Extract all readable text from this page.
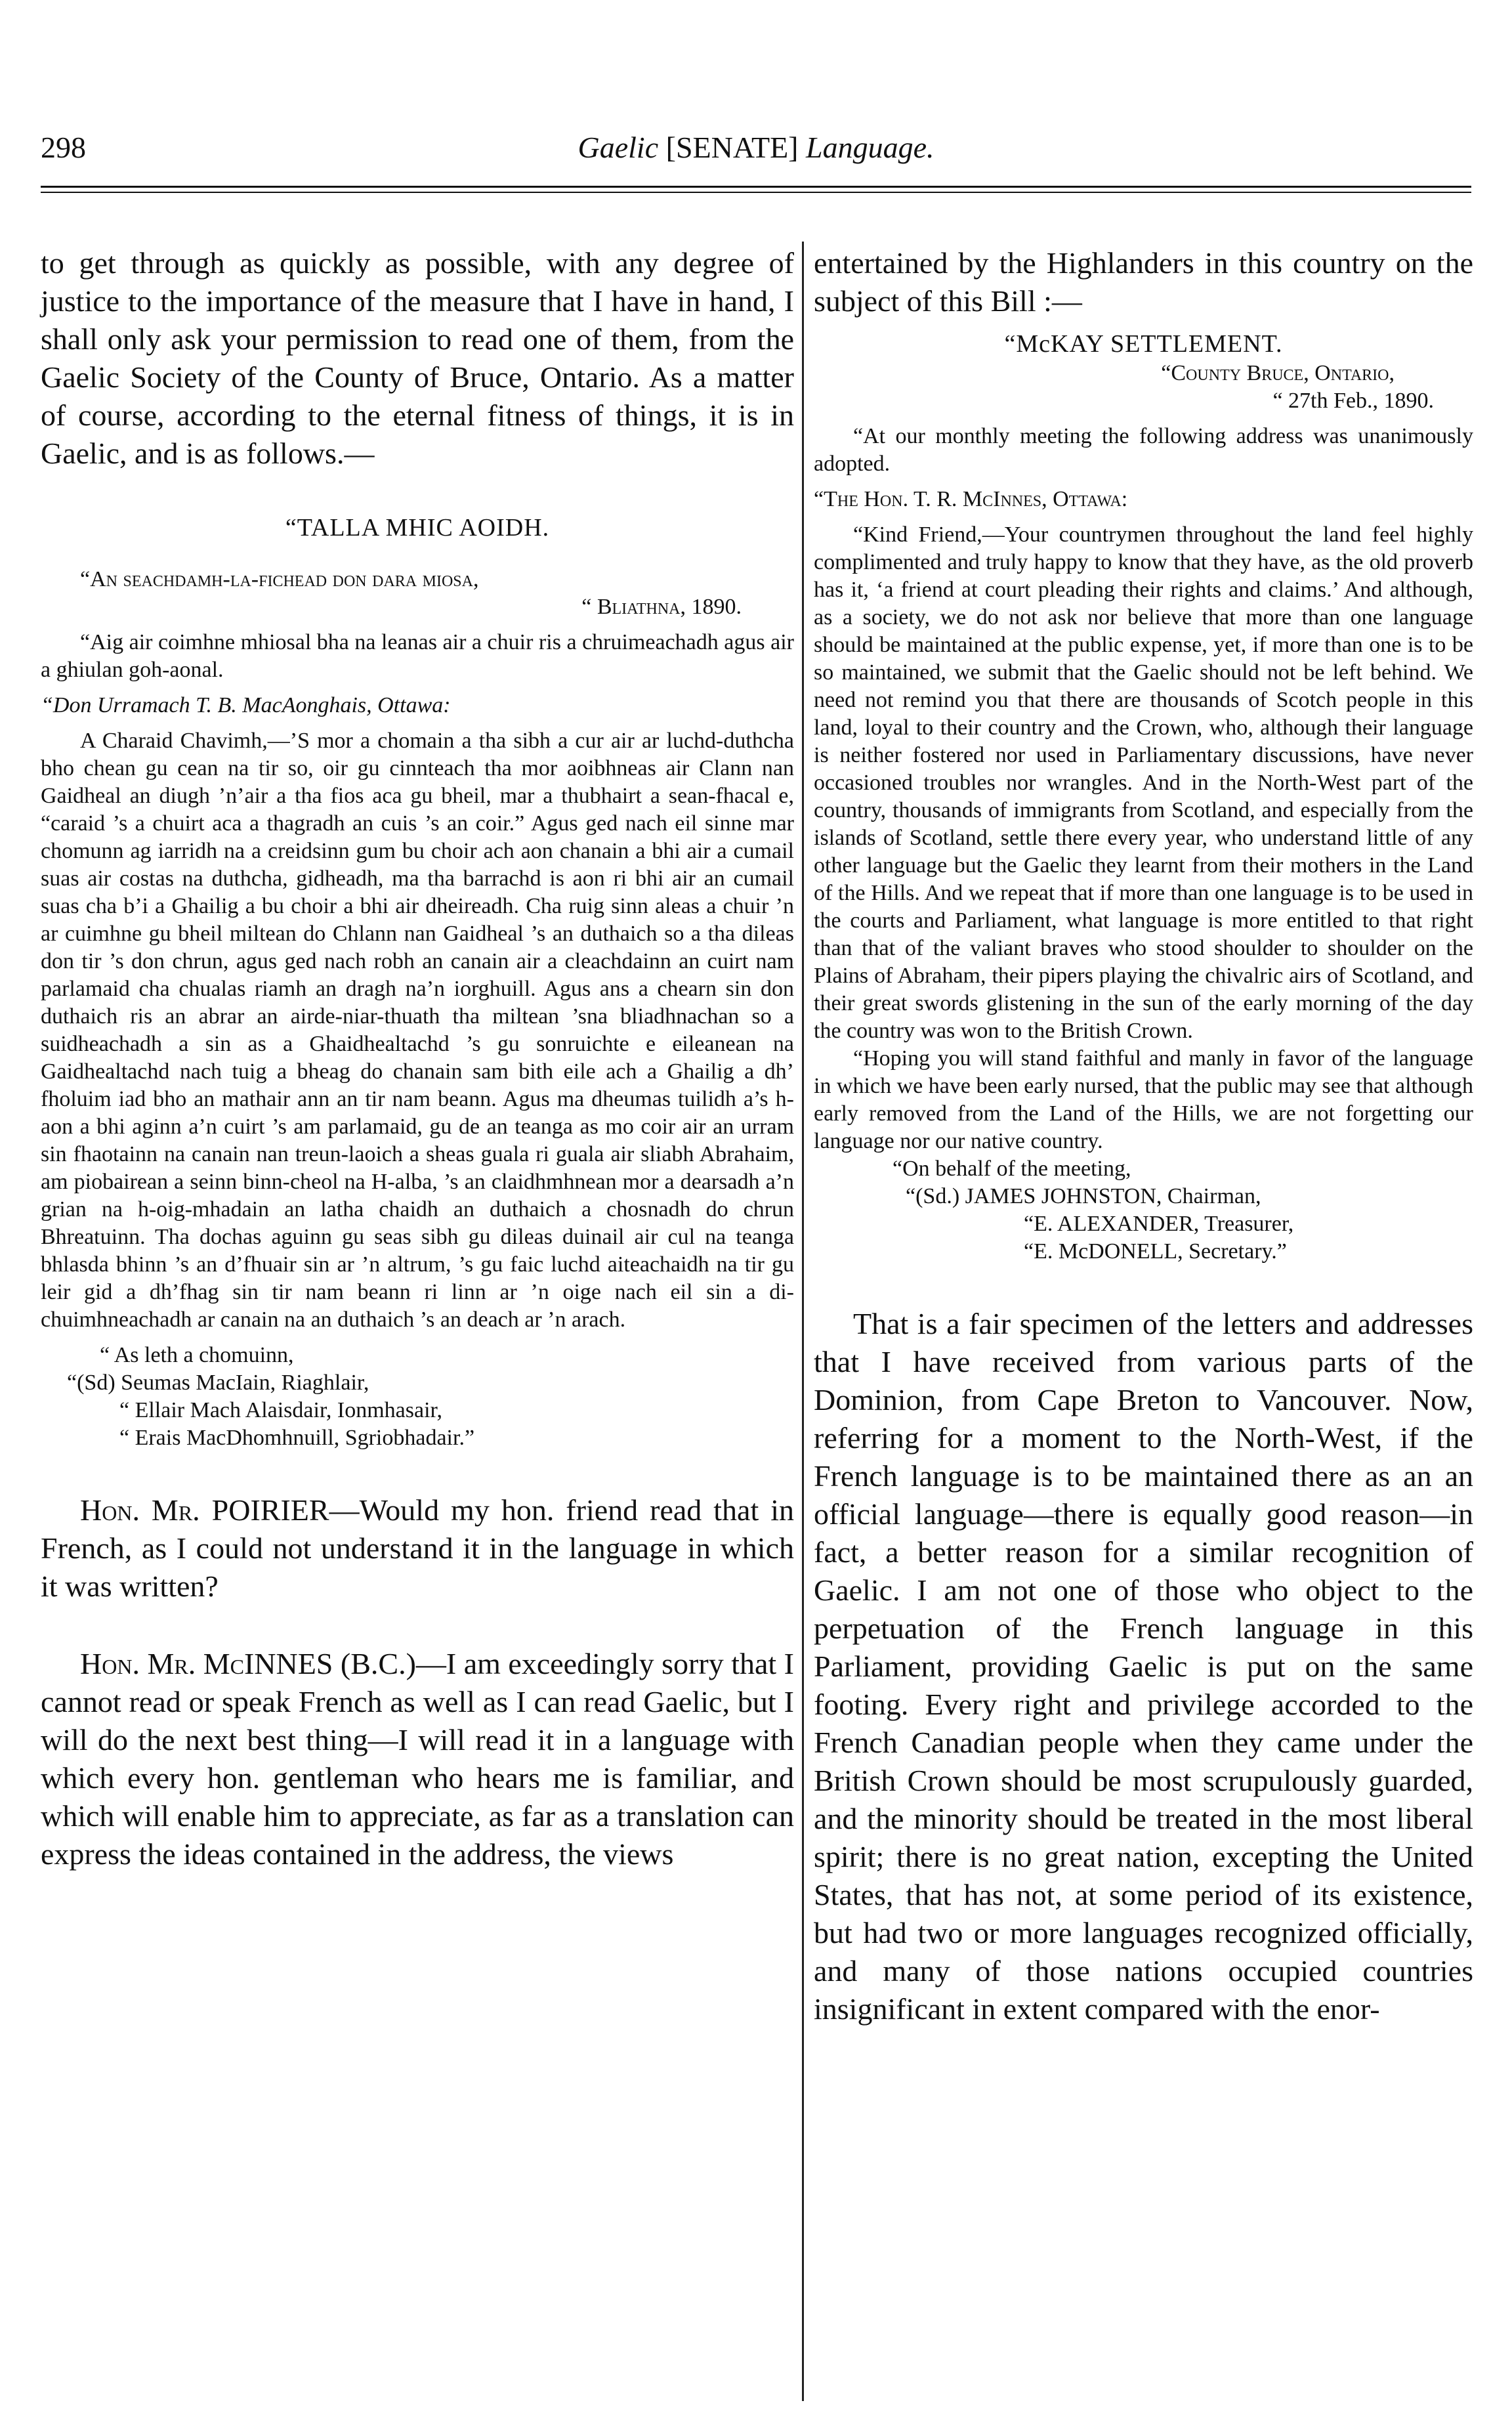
298	Gaelic [SENATE] Language.

to get through as quickly as possible, with any degree of justice to the importance of the measure that I have in hand, I shall only ask your permission to read one of them, from the Gaelic Society of the County of Bruce, Ontario. As a matter of course, according to the eternal fitness of things, it is in Gaelic, and is as follows.—

“TALLA MHIC AOIDH.

“An seachdamh-la-fichead don dara miosa,

“ Bliathna, 1890.

“Aig air coimhne mhiosal bha na leanas air a chuir ris a chruimeachadh agus air a ghiulan goh-aonal.

“Don Urramach T. B. MacAonghais, Ottawa:

A Charaid Chavimh,—’S mor a chomain a tha sibh a cur air ar luchd-duthcha bho chean gu cean na tir so, oir gu cinnteach tha mor aoibhneas air Clann nan Gaidheal an diugh ’n’air a tha fios aca gu bheil, mar a thubhairt a sean-fhacal e, “caraid ’s a chuirt aca a thagradh an cuis ’s an coir.” Agus ged nach eil sinne mar chomunn ag iarridh na a creidsinn gum bu choir ach aon chanain a bhi air a cumail suas air costas na duthcha, gidheadh, ma tha barrachd is aon ri bhi air an cumail suas cha b’i a Ghailig a bu choir a bhi air dheireadh. Cha ruig sinn aleas a chuir ’n ar cuimhne gu bheil miltean do Chlann nan Gaidheal ’s an duthaich so a tha dileas don tir ’s don chrun, agus ged nach robh an canain air a cleachdainn an cuirt nam parlamaid cha chualas riamh an dragh na’n iorghuill. Agus ans a chearn sin don duthaich ris an abrar an airde-niar-thuath tha miltean ’sna bliadhnachan so a suidheachadh a sin as a Ghaidhealtachd ’s gu sonruichte e eileanean na Gaidhealtachd nach tuig a bheag do chanain sam bith eile ach a Ghailig a dh’ fholuim iad bho an mathair ann an tir nam beann. Agus ma dheumas tuilidh a’s h-aon a bhi aginn a’n cuirt ’s am parlamaid, gu de an teanga as mo coir air an urram sin fhaotainn na canain nan treun-laoich a sheas guala ri guala air sliabh Abrahaim, am piobairean a seinn binn-cheol na H-alba, ’s an claidhmhnean mor a dearsadh a’n grian na h-oig-mhadain an latha chaidh an duthaich a chosnadh do chrun Bhreatuinn. Tha dochas aguinn gu seas sibh gu dileas duinail air cul na teanga bhlasda bhinn ’s an d’fhuair sin ar ’n altrum, ’s gu faic luchd aiteachaidh na tir gu leir gid a dh’fhag sin tir nam beann ri linn ar ’n oige nach eil sin a di-chuimhneachadh ar canain na an duthaich ’s an deach ar ’n arach.

“ As leth a chomuinn,

“(Sd) Seumas MacIain, Riaghlair,
“ Ellair Mach Alaisdair, Ionmhasair,
“ Erais MacDhomhnuill, Sgriobhadair.”

Hon. Mr. POIRIER—Would my hon. friend read that in French, as I could not understand it in the language in which it was written?

Hon. Mr. McINNES (B.C.)—I am exceedingly sorry that I cannot read or speak French as well as I can read Gaelic, but I will do the next best thing—I will read it in a language with which every hon. gentleman who hears me is familiar, and which will enable him to appreciate, as far as a translation can express the ideas contained in the address, the views

entertained by the Highlanders in this country on the subject of this Bill :—

“McKAY SETTLEMENT.

“County Bruce, Ontario,

“ 27th Feb., 1890.

“At our monthly meeting the following address was unanimously adopted.

“The Hon. T. R. McInnes, Ottawa:

“Kind Friend,—Your countrymen throughout the land feel highly complimented and truly happy to know that they have, as the old proverb has it, ‘a friend at court pleading their rights and claims.’ And although, as a society, we do not ask nor believe that more than one language should be maintained at the public expense, yet, if more than one is to be so maintained, we submit that the Gaelic should not be left behind. We need not remind you that there are thousands of Scotch people in this land, loyal to their country and the Crown, who, although their language is neither fostered nor used in Parliamentary discussions, have never occasioned troubles nor wrangles. And in the North-West part of the country, thousands of immigrants from Scotland, and especially from the islands of Scotland, settle there every year, who understand little of any other language but the Gaelic they learnt from their mothers in the Land of the Hills. And we repeat that if more than one language is to be used in the courts and Parliament, what language is more entitled to that right than that of the valiant braves who stood shoulder to shoulder on the Plains of Abraham, their pipers playing the chivalric airs of Scotland, and their great swords glistening in the sun of the early morning of the day the country was won to the British Crown.

“Hoping you will stand faithful and manly in favor of the language in which we have been early nursed, that the public may see that although early removed from the Land of the Hills, we are not forgetting our language nor our native country.

“On behalf of the meeting,

“(Sd.) JAMES JOHNSTON, Chairman,
“E. ALEXANDER, Treasurer,
“E. McDONELL, Secretary.”

That is a fair specimen of the letters and addresses that I have received from various parts of the Dominion, from Cape Breton to Vancouver. Now, referring for a moment to the North-West, if the French language is to be maintained there as an an official language—there is equally good reason—in fact, a better reason for a similar recognition of Gaelic. I am not one of those who object to the perpetuation of the French language in this Parliament, providing Gaelic is put on the same footing. Every right and privilege accorded to the French Canadian people when they came under the British Crown should be most scrupulously guarded, and the minority should be treated in the most liberal spirit; there is no great nation, excepting the United States, that has not, at some period of its existence, but had two or more languages recognized officially, and many of those nations occupied countries insignificant in extent compared with the enor-
